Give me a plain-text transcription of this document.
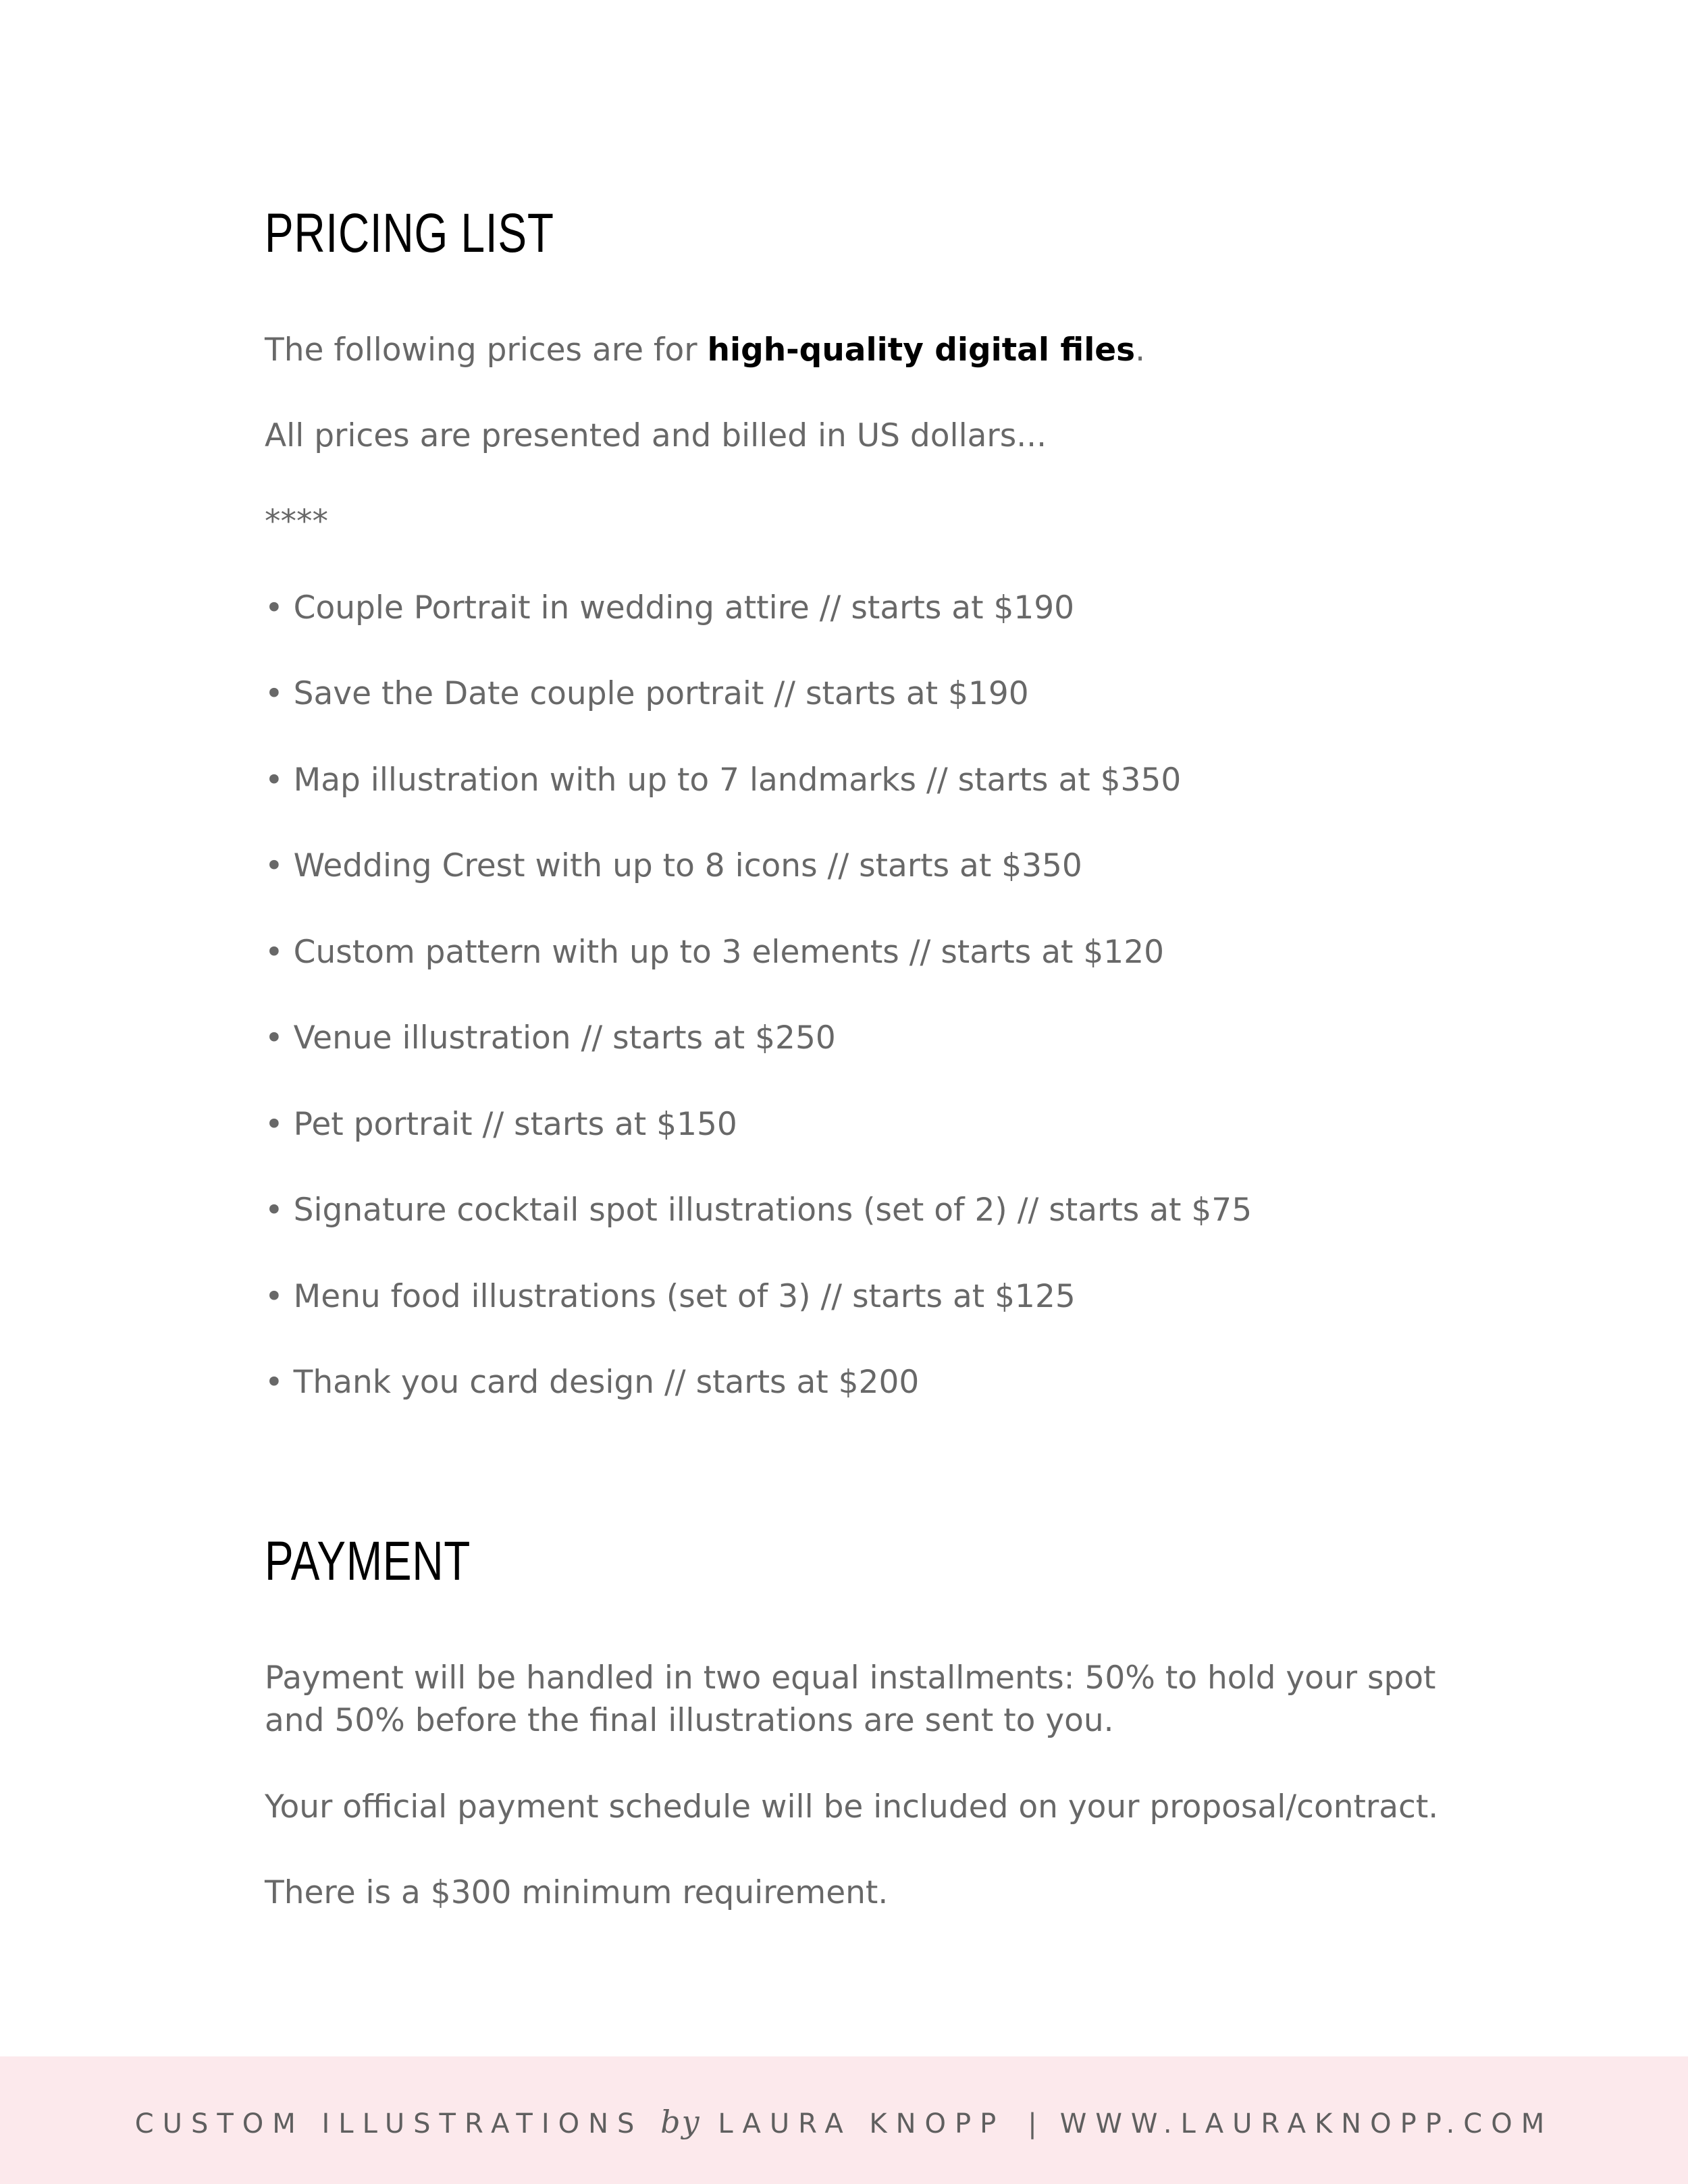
PRICING LIST

The following prices are for high-quality digital files.

All prices are presented and billed in US dollars...

****

• Couple Portrait in wedding attire // starts at $190

• Save the Date couple portrait // starts at $190

• Map illustration with up to 7 landmarks // starts at $350

• Wedding Crest with up to 8 icons // starts at $350

• Custom pattern with up to 3 elements // starts at $120

• Venue illustration // starts at $250

• Pet portrait // starts at $150

• Signature cocktail spot illustrations (set of 2) // starts at $75

• Menu food illustrations (set of 3) // starts at $125

• Thank you card design // starts at $200

PAYMENT

Payment will be handled in two equal installments: 50% to hold your spot

and 50% before the final illustrations are sent to you.

Your official payment schedule will be included on your proposal/contract.

There is a $300 minimum requirement.

CUSTOM ILLUSTRATIONS by LAURA KNOPP | WWW.LAURAKNOPP.COM
